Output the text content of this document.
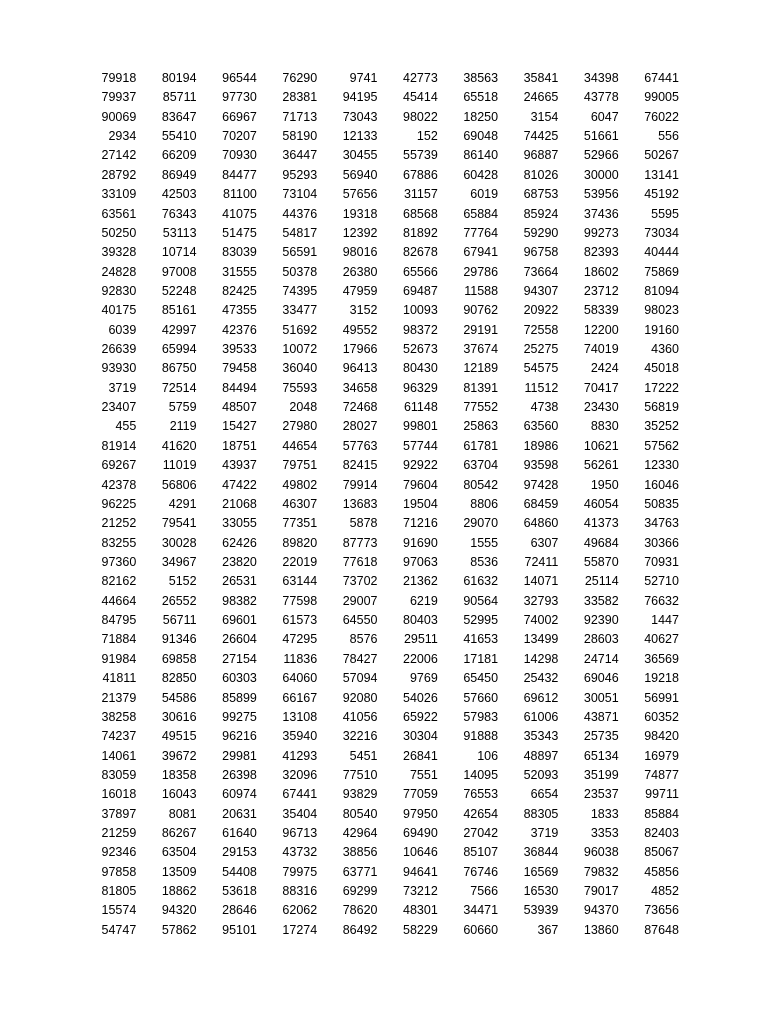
79918	80194	96544	76290	9741	42773	38563	35841	34398	67441
79937	85711	97730	28381	94195	45414	65518	24665	43778	99005
90069	83647	66967	71713	73043	98022	18250	3154	6047	76022
2934	55410	70207	58190	12133	152	69048	74425	51661	556
27142	66209	70930	36447	30455	55739	86140	96887	52966	50267
28792	86949	84477	95293	56940	67886	60428	81026	30000	13141
33109	42503	81100	73104	57656	31157	6019	68753	53956	45192
63561	76343	41075	44376	19318	68568	65884	85924	37436	5595
50250	53113	51475	54817	12392	81892	77764	59290	99273	73034
39328	10714	83039	56591	98016	82678	67941	96758	82393	40444
24828	97008	31555	50378	26380	65566	29786	73664	18602	75869
92830	52248	82425	74395	47959	69487	11588	94307	23712	81094
40175	85161	47355	33477	3152	10093	90762	20922	58339	98023
6039	42997	42376	51692	49552	98372	29191	72558	12200	19160
26639	65994	39533	10072	17966	52673	37674	25275	74019	4360
93930	86750	79458	36040	96413	80430	12189	54575	2424	45018
3719	72514	84494	75593	34658	96329	81391	11512	70417	17222
23407	5759	48507	2048	72468	61148	77552	4738	23430	56819
455	2119	15427	27980	28027	99801	25863	63560	8830	35252
81914	41620	18751	44654	57763	57744	61781	18986	10621	57562
69267	11019	43937	79751	82415	92922	63704	93598	56261	12330
42378	56806	47422	49802	79914	79604	80542	97428	1950	16046
96225	4291	21068	46307	13683	19504	8806	68459	46054	50835
21252	79541	33055	77351	5878	71216	29070	64860	41373	34763
83255	30028	62426	89820	87773	91690	1555	6307	49684	30366
97360	34967	23820	22019	77618	97063	8536	72411	55870	70931
82162	5152	26531	63144	73702	21362	61632	14071	25114	52710
44664	26552	98382	77598	29007	6219	90564	32793	33582	76632
84795	56711	69601	61573	64550	80403	52995	74002	92390	1447
71884	91346	26604	47295	8576	29511	41653	13499	28603	40627
91984	69858	27154	11836	78427	22006	17181	14298	24714	36569
41811	82850	60303	64060	57094	9769	65450	25432	69046	19218
21379	54586	85899	66167	92080	54026	57660	69612	30051	56991
38258	30616	99275	13108	41056	65922	57983	61006	43871	60352
74237	49515	96216	35940	32216	30304	91888	35343	25735	98420
14061	39672	29981	41293	5451	26841	106	48897	65134	16979
83059	18358	26398	32096	77510	7551	14095	52093	35199	74877
16018	16043	60974	67441	93829	77059	76553	6654	23537	99711
37897	8081	20631	35404	80540	97950	42654	88305	1833	85884
21259	86267	61640	96713	42964	69490	27042	3719	3353	82403
92346	63504	29153	43732	38856	10646	85107	36844	96038	85067
97858	13509	54408	79975	63771	94641	76746	16569	79832	45856
81805	18862	53618	88316	69299	73212	7566	16530	79017	4852
15574	94320	28646	62062	78620	48301	34471	53939	94370	73656
54747	57862	95101	17274	86492	58229	60660	367	13860	87648
